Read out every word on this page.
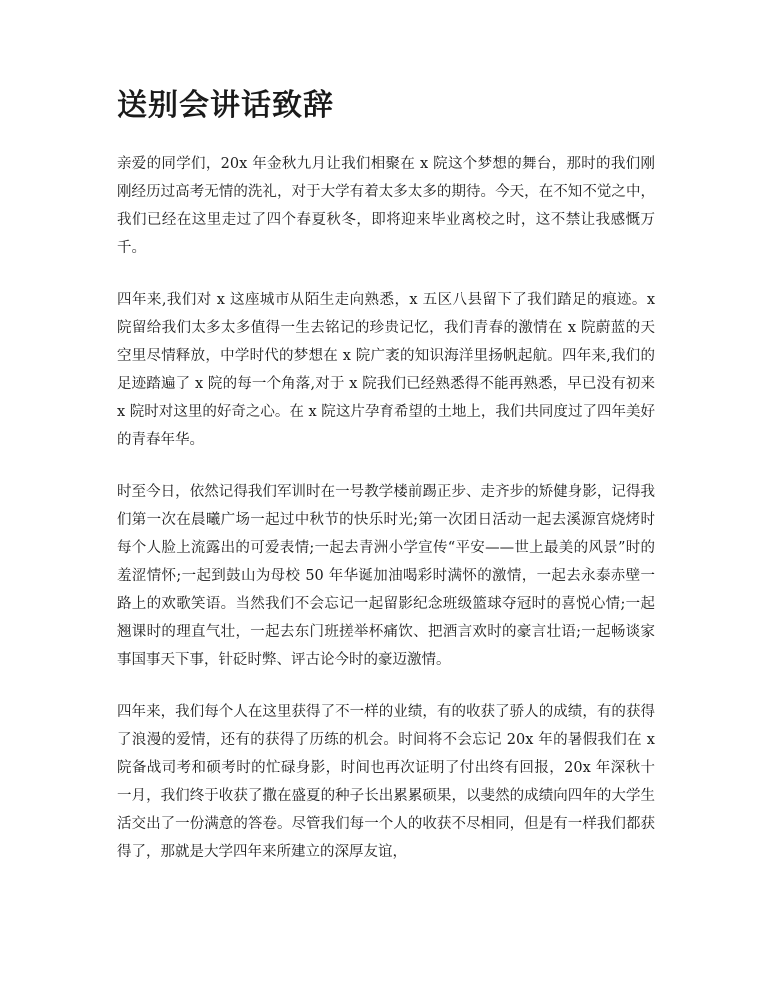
送别会讲话致辞

亲爱的同学们，20x 年金秋九月让我们相聚在 x 院这个梦想的舞台，那时的我们刚刚经历过高考无情的洗礼，对于大学有着太多太多的期待。今天，在不知不觉之中，我们已经在这里走过了四个春夏秋冬，即将迎来毕业离校之时，这不禁让我感慨万千。

四年来,我们对 x 这座城市从陌生走向熟悉，x 五区八县留下了我们踏足的痕迹。x 院留给我们太多太多值得一生去铭记的珍贵记忆，我们青春的激情在 x 院蔚蓝的天空里尽情释放，中学时代的梦想在 x 院广袤的知识海洋里扬帆起航。四年来,我们的足迹踏遍了 x 院的每一个角落,对于 x 院我们已经熟悉得不能再熟悉，早已没有初来 x 院时对这里的好奇之心。在 x 院这片孕育希望的土地上，我们共同度过了四年美好的青春年华。

时至今日，依然记得我们军训时在一号教学楼前踢正步、走齐步的矫健身影，记得我们第一次在晨曦广场一起过中秋节的快乐时光;第一次团日活动一起去溪源宫烧烤时每个人脸上流露出的可爱表情;一起去青洲小学宣传“平安——世上最美的风景”时的羞涩情怀;一起到鼓山为母校 50 年华诞加油喝彩时满怀的激情，一起去永泰赤壁一路上的欢歌笑语。当然我们不会忘记一起留影纪念班级篮球夺冠时的喜悦心情;一起翘课时的理直气壮，一起去东门班搓举杯痛饮、把酒言欢时的豪言壮语;一起畅谈家事国事天下事，针砭时弊、评古论今时的豪迈激情。

四年来，我们每个人在这里获得了不一样的业绩，有的收获了骄人的成绩，有的获得了浪漫的爱情，还有的获得了历练的机会。时间将不会忘记 20x 年的暑假我们在 x 院备战司考和硕考时的忙碌身影，时间也再次证明了付出终有回报，20x 年深秋十一月，我们终于收获了撒在盛夏的种子长出累累硕果，以斐然的成绩向四年的大学生活交出了一份满意的答卷。尽管我们每一个人的收获不尽相同，但是有一样我们都获得了，那就是大学四年来所建立的深厚友谊，
